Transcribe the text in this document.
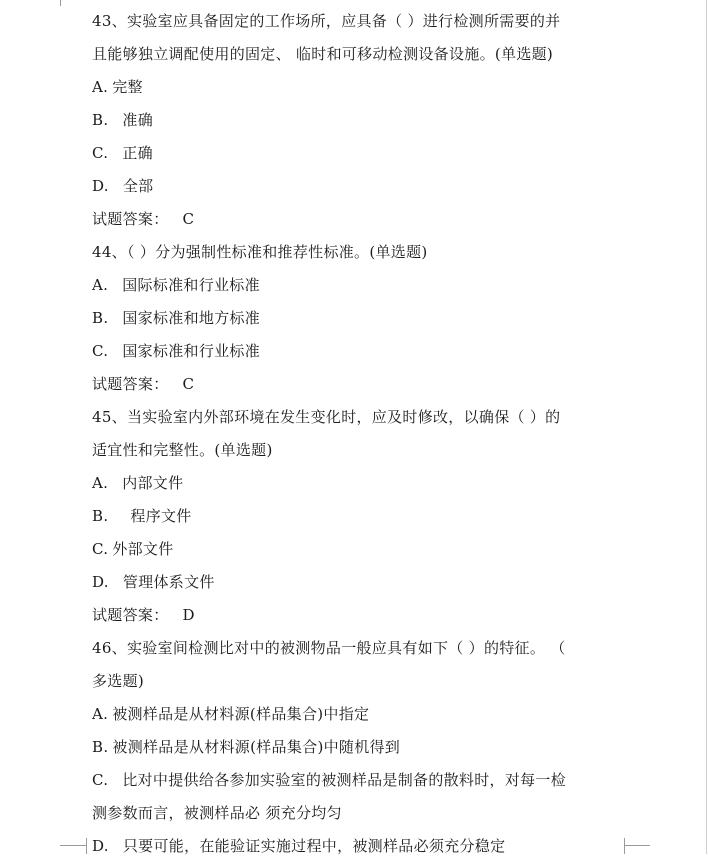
43、实验室应具备固定的工作场所，应具备（ ）进行检测所需要的并
且能够独立调配使用的固定、 临时和可移动检测设备设施。(单选题)
A. 完整
B. 准确
C. 正确
D. 全部
试题答案： C
44、（ ）分为强制性标准和推荐性标准。(单选题)
A. 国际标准和行业标准
B. 国家标准和地方标准
C. 国家标准和行业标准
试题答案： C
45、当实验室内外部环境在发生变化时，应及时修改，以确保（ ）的
适宜性和完整性。(单选题)
A. 内部文件
B. 程序文件
C. 外部文件
D. 管理体系文件
试题答案： D
46、实验室间检测比对中的被测物品一般应具有如下（ ）的特征。 （
多选题)
A. 被测样品是从材料源(样品集合)中指定
B. 被测样品是从材料源(样品集合)中随机得到
C. 比对中提供给各参加实验室的被测样品是制备的散料时，对每一检
测参数而言，被测样品必 须充分均匀
D. 只要可能，在能验证实施过程中，被测样品必须充分稳定
